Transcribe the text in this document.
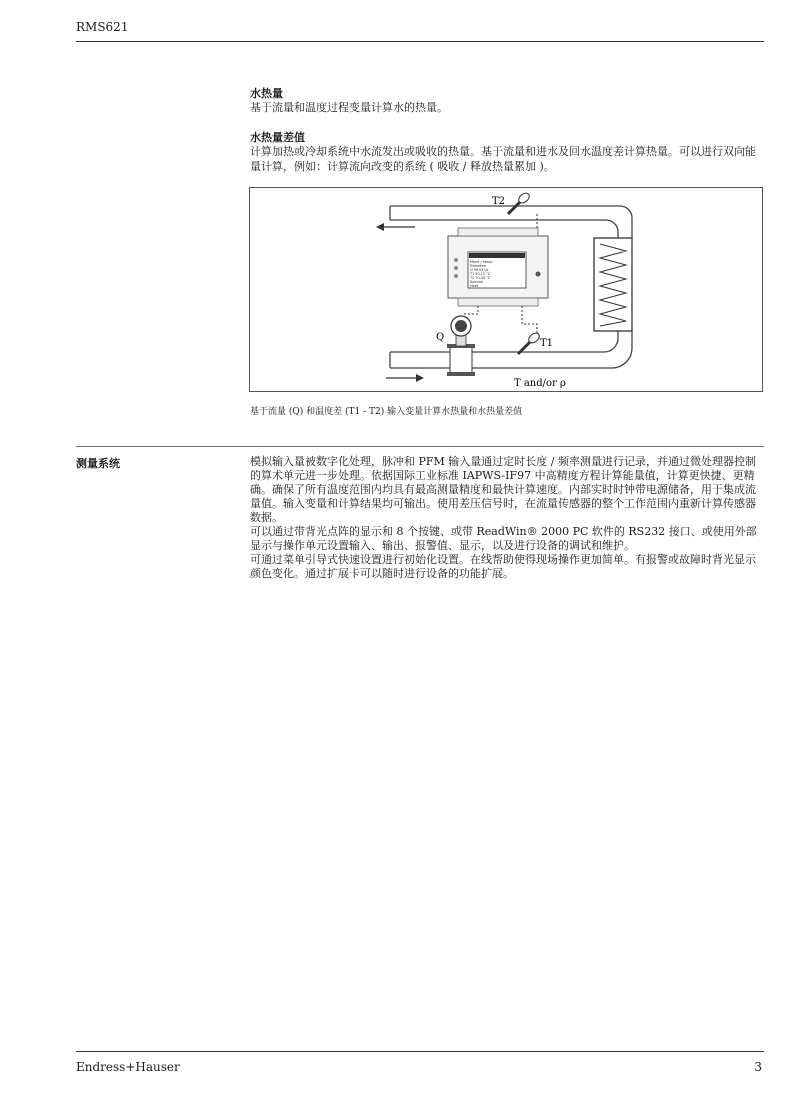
RMS621
水热量
基于流量和温度过程变量计算水的热量。
水热量差值
计算加热或冷却系统中水流发出或吸收的热量。基于流量和进水及回水温度差计算热量。可以进行双向能量计算，例如：计算流向改变的系统 ( 吸收 / 释放热量累加 )。
Menü / Setup
Einheiten
Q 56,03 l/s
T1 50,12 °C
T2 70,04 °C
Summe
Heat
T2
T1
Q
T and/or ρ
基于流量 (Q) 和温度差 (T1 - T2) 输入变量计算水热量和水热量差值
测量系统	模拟输入量被数字化处理，脉冲和 PFM 输入量通过定时长度 / 频率测量进行记录，并通过微处理器控制的算术单元进一步处理。依据国际工业标准 IAPWS-IF97 中高精度方程计算能量值，计算更快捷、更精确。确保了所有温度范围内均具有最高测量精度和最快计算速度。内部实时时钟带电源储备，用于集成流量值。输入变量和计算结果均可输出。使用差压信号时，在流量传感器的整个工作范围内重新计算传感器数据。

可以通过带背光点阵的显示和 8 个按键、或带 ReadWin® 2000 PC 软件的 RS232 接口、或使用外部显示与操作单元设置输入、输出、报警值、显示，以及进行设备的调试和维护。

可通过菜单引导式快速设置进行初始化设置。在线帮助使得现场操作更加简单。有报警或故障时背光显示颜色变化。通过扩展卡可以随时进行设备的功能扩展。

Endress+Hauser	3
